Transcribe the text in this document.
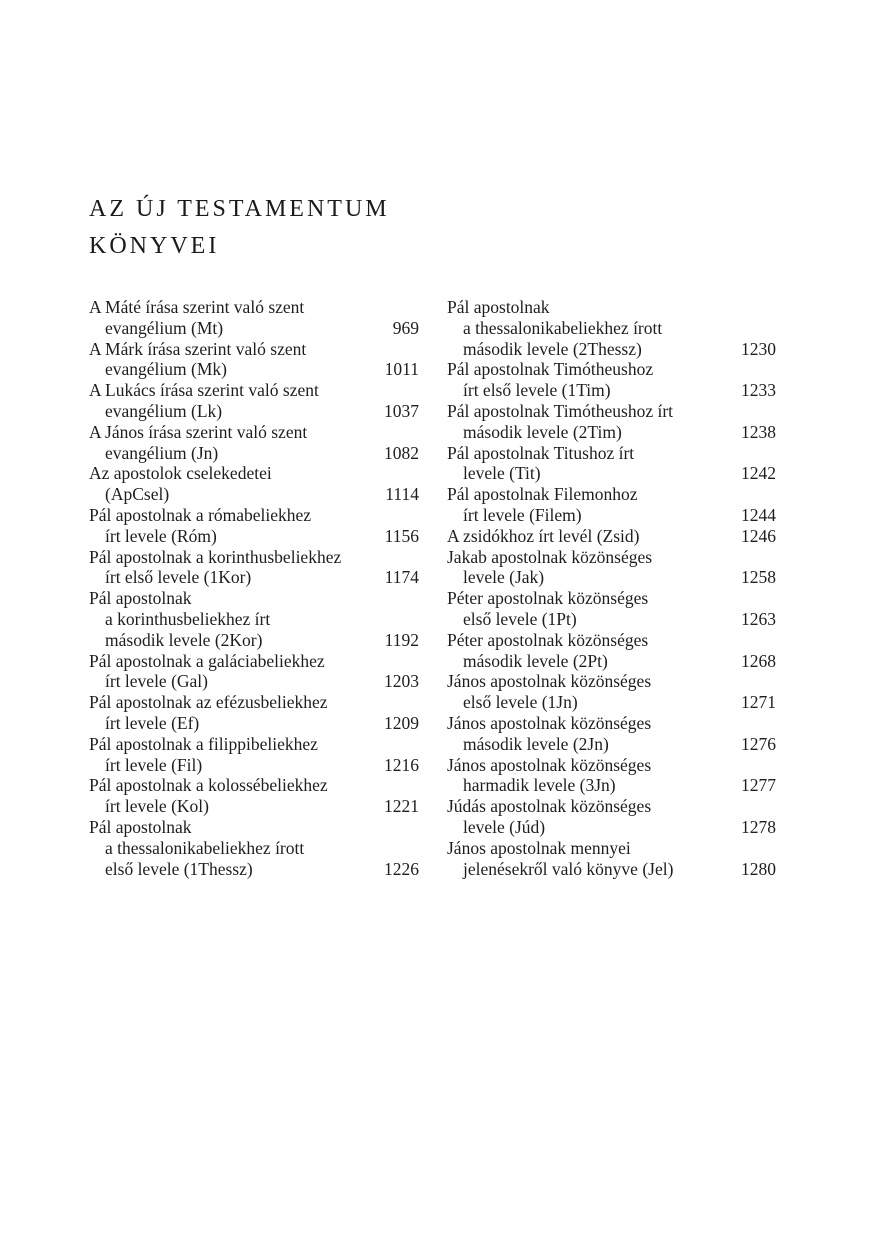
AZ ÚJ TESTAMENTUM
KÖNYVEI
A Máté írása szerint való szent
evangélium (Mt)	969
A Márk írása szerint való szent
evangélium (Mk)	1011
A Lukács írása szerint való szent
evangélium (Lk)	1037
A János írása szerint való szent
evangélium (Jn)	1082
Az apostolok cselekedetei
(ApCsel)	1114
Pál apostolnak a rómabeliekhez
írt levele (Róm)	1156
Pál apostolnak a korinthusbeliekhez
írt első levele (1Kor)	1174
Pál apostolnak
a korinthusbeliekhez írt
második levele (2Kor)	1192
Pál apostolnak a galáciabeliekhez
írt levele (Gal)	1203
Pál apostolnak az efézusbeliekhez
írt levele (Ef)	1209
Pál apostolnak a filippibeliekhez
írt levele (Fil)	1216
Pál apostolnak a kolossébeliekhez
írt levele (Kol)	1221
Pál apostolnak
a thessalonikabeliekhez írott
első levele (1Thessz)	1226
Pál apostolnak
a thessalonikabeliekhez írott
második levele (2Thessz)	1230
Pál apostolnak Timótheushoz
írt első levele (1Tim)	1233
Pál apostolnak Timótheushoz írt
második levele (2Tim)	1238
Pál apostolnak Titushoz írt
levele (Tit)	1242
Pál apostolnak Filemonhoz
írt levele (Filem)	1244
A zsidókhoz írt levél (Zsid)	1246
Jakab apostolnak közönséges
levele (Jak)	1258
Péter apostolnak közönséges
első levele (1Pt)	1263
Péter apostolnak közönséges
második levele (2Pt)	1268
János apostolnak közönséges
első levele (1Jn)	1271
János apostolnak közönséges
második levele (2Jn)	1276
János apostolnak közönséges
harmadik levele (3Jn)	1277
Júdás apostolnak közönséges
levele (Júd)	1278
János apostolnak mennyei
jelenésekről való könyve (Jel)	1280
